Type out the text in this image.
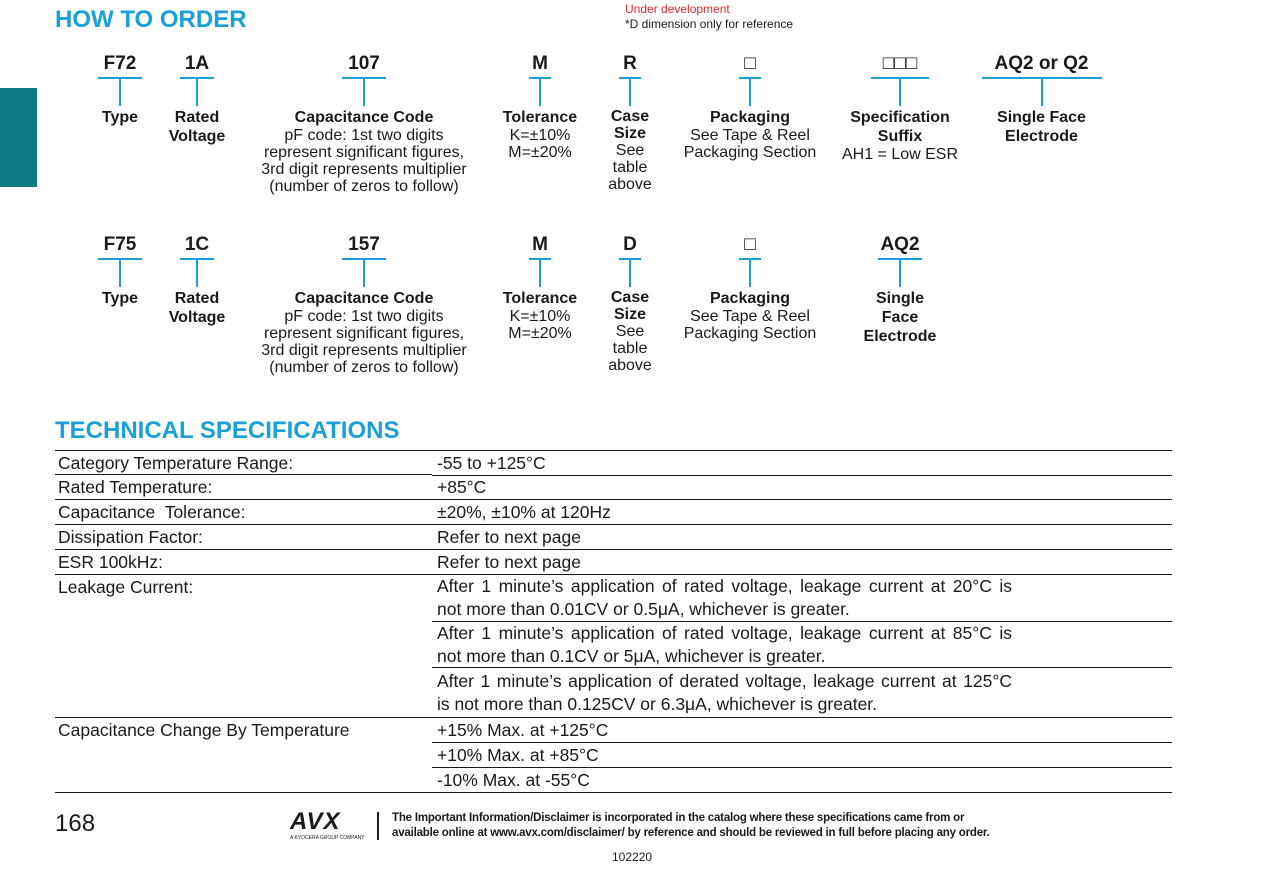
HOW TO ORDER	Under development
*D dimension only for reference
F72
Type
1A
Rated
Voltage
107
Capacitance Code
pF code: 1st two digits
represent significant figures,
3rd digit represents multiplier
(number of zeros to follow)
M
Tolerance
K=±10%
M=±20%
R
Case
Size
See
table
above
□
Packaging
See Tape & Reel
Packaging Section
□□□
Specification
Suffix
AH1 = Low ESR
AQ2 or Q2
Single Face
Electrode
F75
Type
1C
Rated
Voltage
157
Capacitance Code
pF code: 1st two digits
represent significant figures,
3rd digit represents multiplier
(number of zeros to follow)
M
Tolerance
K=±10%
M=±20%
D
Case
Size
See
table
above
□
Packaging
See Tape & Reel
Packaging Section
AQ2
Single
Face
Electrode
TECHNICAL SPECIFICATIONS
Category Temperature Range:	-55 to +125°C
Rated Temperature:	+85°C
Capacitance  Tolerance:	±20%, ±10% at 120Hz
Dissipation Factor:	Refer to next page
ESR 100kHz:	Refer to next page
Leakage Current:	After 1 minute’s application of rated voltage, leakage current at 20°C is not more than 0.01CV or 0.5μA, whichever is greater.
After 1 minute’s application of rated voltage, leakage current at 85°C is not more than 0.1CV or 5μA, whichever is greater.
After 1 minute’s application of derated voltage, leakage current at 125°C is not more than 0.125CV or 6.3μA, whichever is greater.
Capacitance Change By Temperature	+15% Max. at +125°C
+10% Max. at +85°C
-10% Max. at -55°C
168	AVX
A KYOCERA GROUP COMPANY
The Important Information/Disclaimer is incorporated in the catalog where these specifications came from or
available online at www.avx.com/disclaimer/ by reference and should be reviewed in full before placing any order.
102220
